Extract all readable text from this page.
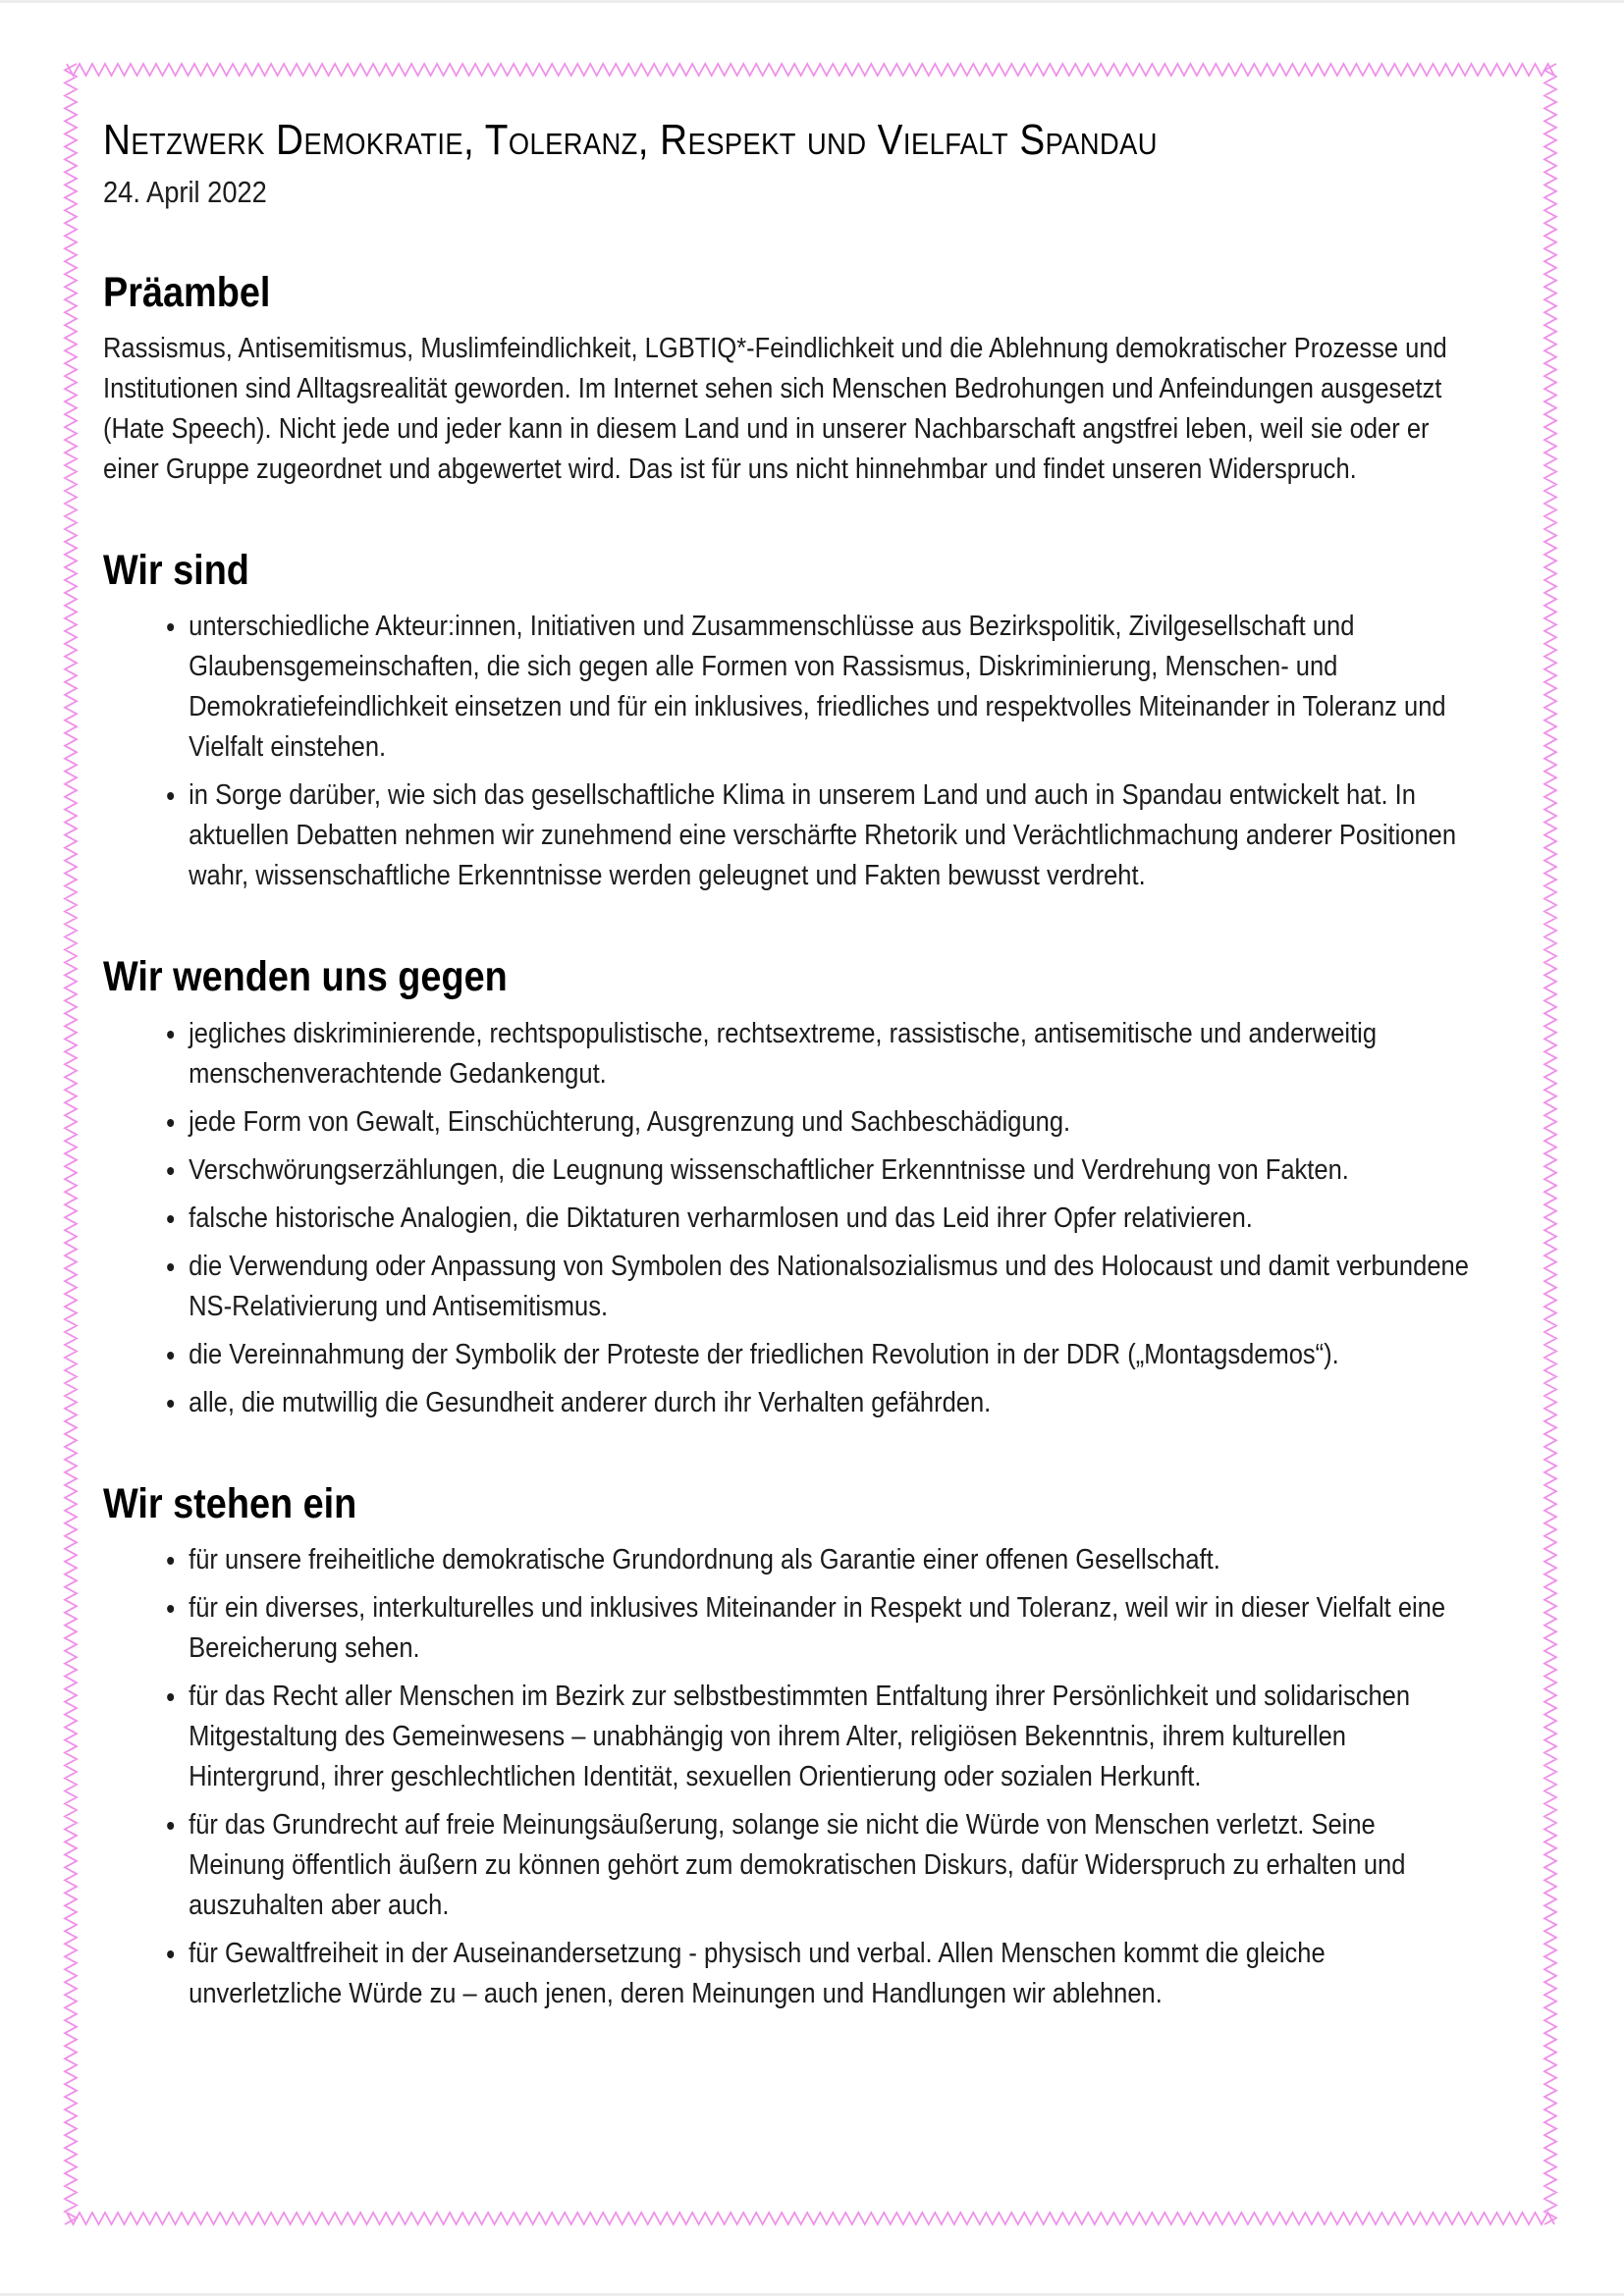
Netzwerk Demokratie, Toleranz, Respekt und Vielfalt Spandau
24. April 2022
Präambel

Rassismus, Antisemitismus, Muslimfeindlichkeit, LGBTIQ*-Feindlichkeit und die Ablehnung demokratischer Prozesse und Institutionen sind Alltagsrealität geworden. Im Internet sehen sich Menschen Bedrohungen und Anfeindungen ausgesetzt (Hate Speech). Nicht jede und jeder kann in diesem Land und in unserer Nachbarschaft angstfrei leben, weil sie oder er einer Gruppe zugeordnet und abgewertet wird. Das ist für uns nicht hinnehmbar und findet unseren Widerspruch.

Wir sind
• unterschiedliche Akteur:innen, Initiativen und Zusammenschlüsse aus Bezirkspolitik, Zivilgesellschaft und Glaubensgemeinschaften, die sich gegen alle Formen von Rassismus, Diskriminierung, Menschen- und Demokratiefeindlichkeit einsetzen und für ein inklusives, friedliches und respektvolles Miteinander in Toleranz und Vielfalt einstehen.
• in Sorge darüber, wie sich das gesellschaftliche Klima in unserem Land und auch in Spandau entwickelt hat. In aktuellen Debatten nehmen wir zunehmend eine verschärfte Rhetorik und Verächtlichmachung anderer Positionen wahr, wissenschaftliche Erkenntnisse werden geleugnet und Fakten bewusst verdreht.
Wir wenden uns gegen
• jegliches diskriminierende, rechtspopulistische, rechtsextreme, rassistische, antisemitische und anderweitig menschenverachtende Gedankengut.
• jede Form von Gewalt, Einschüchterung, Ausgrenzung und Sachbeschädigung.
• Verschwörungserzählungen, die Leugnung wissenschaftlicher Erkenntnisse und Verdrehung von Fakten.
• falsche historische Analogien, die Diktaturen verharmlosen und das Leid ihrer Opfer relativieren.
• die Verwendung oder Anpassung von Symbolen des Nationalsozialismus und des Holocaust und damit verbundene NS-Relativierung und Antisemitismus.
• die Vereinnahmung der Symbolik der Proteste der friedlichen Revolution in der DDR („Montagsdemos“).
• alle, die mutwillig die Gesundheit anderer durch ihr Verhalten gefährden.
Wir stehen ein
• für unsere freiheitliche demokratische Grundordnung als Garantie einer offenen Gesellschaft.
• für ein diverses, interkulturelles und inklusives Miteinander in Respekt und Toleranz, weil wir in dieser Vielfalt eine Bereicherung sehen.
• für das Recht aller Menschen im Bezirk zur selbstbestimmten Entfaltung ihrer Persönlichkeit und solidarischen Mitgestaltung des Gemeinwesens – unabhängig von ihrem Alter, religiösen Bekenntnis, ihrem kulturellen Hintergrund, ihrer geschlechtlichen Identität, sexuellen Orientierung oder sozialen Herkunft.
• für das Grundrecht auf freie Meinungsäußerung, solange sie nicht die Würde von Menschen verletzt. Seine Meinung öffentlich äußern zu können gehört zum demokratischen Diskurs, dafür Widerspruch zu erhalten und auszuhalten aber auch.
• für Gewaltfreiheit in der Auseinandersetzung - physisch und verbal. Allen Menschen kommt die gleiche unverletzliche Würde zu – auch jenen, deren Meinungen und Handlungen wir ablehnen.
